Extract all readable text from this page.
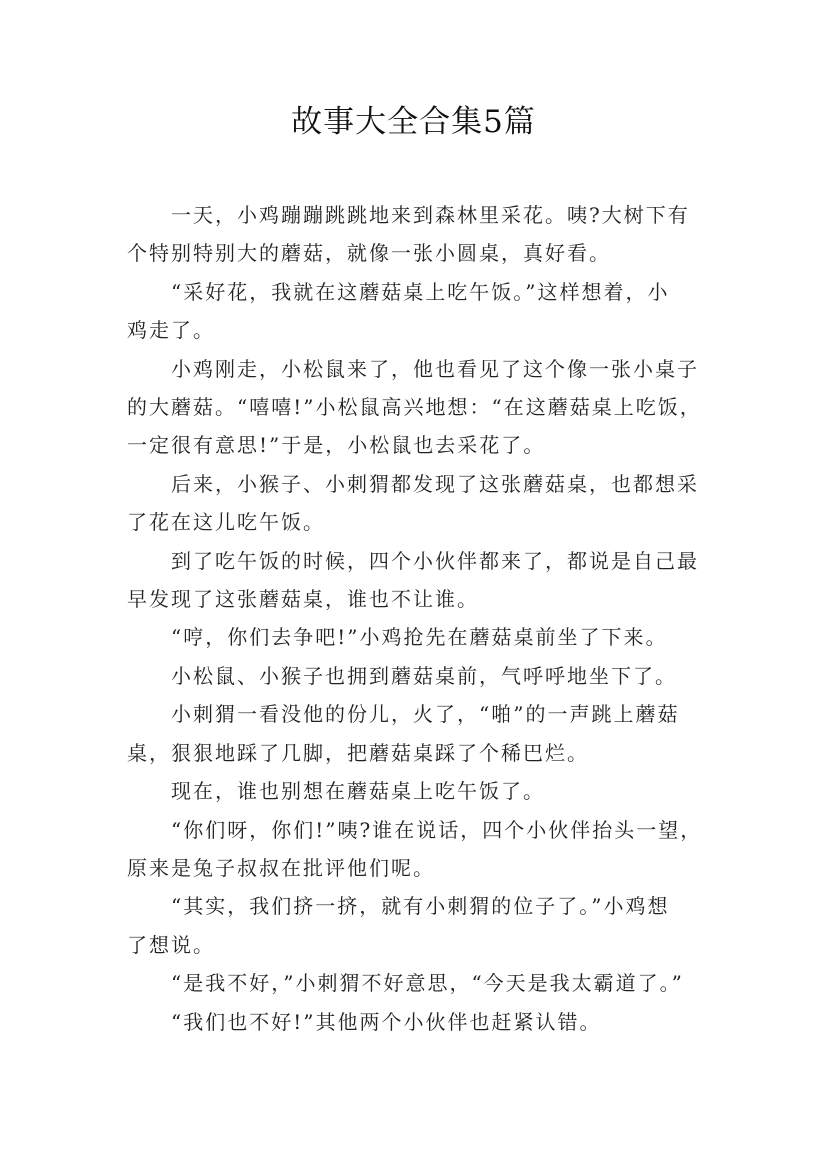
故事大全合集5篇

一天，小鸡蹦蹦跳跳地来到森林里采花。咦?大树下有
个特别特别大的蘑菇，就像一张小圆桌，真好看。

“采好花，我就在这蘑菇桌上吃午饭。”这样想着，小
鸡走了。

小鸡刚走，小松鼠来了，他也看见了这个像一张小桌子
的大蘑菇。“嘻嘻!”小松鼠高兴地想：“在这蘑菇桌上吃饭，
一定很有意思!”于是，小松鼠也去采花了。

后来，小猴子、小刺猬都发现了这张蘑菇桌，也都想采
了花在这儿吃午饭。

到了吃午饭的时候，四个小伙伴都来了，都说是自己最
早发现了这张蘑菇桌，谁也不让谁。

“哼，你们去争吧!”小鸡抢先在蘑菇桌前坐了下来。

小松鼠、小猴子也拥到蘑菇桌前，气呼呼地坐下了。

小刺猬一看没他的份儿，火了，“啪”的一声跳上蘑菇
桌，狠狠地踩了几脚，把蘑菇桌踩了个稀巴烂。

现在，谁也别想在蘑菇桌上吃午饭了。

“你们呀，你们!”咦?谁在说话，四个小伙伴抬头一望，
原来是兔子叔叔在批评他们呢。

“其实，我们挤一挤，就有小刺猬的位子了。”小鸡想
了想说。

“是我不好，”小刺猬不好意思，“今天是我太霸道了。”

“我们也不好!”其他两个小伙伴也赶紧认错。
